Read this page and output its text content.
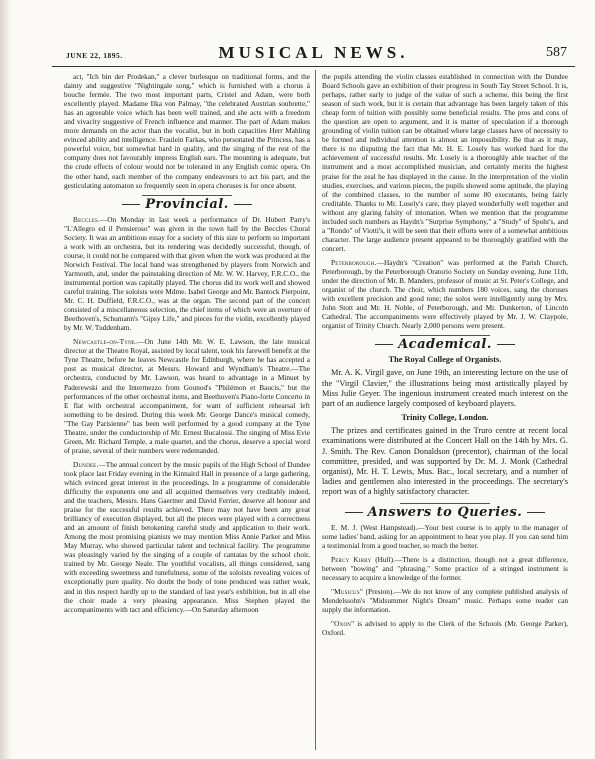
JUNE 22, 1895.	MUSICAL NEWS.	587

act, "Ich bin der Prodekan," a clever burlesque on traditional forms, and the dainty and suggestive "Nightingale song," which is furnished with a chorus à bouche fermée. The two most important parts, Cristel and Adam, were both excellently played. Madame Ilka von Palmay, "the celebrated Austrian soubrette," has an agreeable voice which has been well trained, and she acts with a freedom and vivacity suggestive of French influence and manner. The part of Adam makes more demands on the actor than the vocalist, but in both capacities Herr Mahling evinced ability and intelligence. Fraulein Farkas, who personated the Princess, has a powerful voice, but somewhat hard in quality, and the singing of the rest of the company does not favourably impress English ears. The mounting is adequate, but the crude effects of colour would not be tolerated in any English comic opera. On the other hand, each member of the company endeavours to act his part, and the gesticulating automaton so frequently seen in opera choruses is for once absent.

Provincial.

Beccles.—On Monday in last week a performance of Dr. Hubert Parry's "L'Allegro ed il Pensieroso" was given in the town hall by the Beccles Choral Society. It was an ambitious essay for a society of this size to perform so important a work with an orchestra, but its rendering was decidedly successful, though, of course, it could not be compared with that given when the work was produced at the Norwich Festival. The local band was strengthened by players from Norwich and Yarmouth, and, under the painstaking direction of Mr. W. W. Harvey, F.R.C.O., the instrumental portion was capitally played. The chorus did its work well and showed careful training. The soloists were Mdme. Isabel George and Mr. Bantock Pierpoint, Mr. C. H. Duffield, F.R.C.O., was at the organ. The second part of the concert consisted of a miscellaneous selection, the chief items of which were an overture of Beethoven's, Schumann's "Gipsy Life," and pieces for the violin, excellently played by Mr. W. Tuddenham.

Newcastle-on-Tyne.—On June 14th Mr. W. E. Lawson, the late musical director at the Theatre Royal, assisted by local talent, took his farewell benefit at the Tyne Theatre, before he leaves Newcastle for Edinburgh, where he has accepted a post as musical director, at Messrs. Howard and Wyndham's Theatre.—The orchestra, conducted by Mr. Lawson, was heard to advantage in a Minuet by Paderewski and the Intermezzo from Gounod's "Philémon et Baucis," but the performances of the other orchestral items, and Beethoven's Piano-forte Concerto in E flat with orchestral accompaniment, for want of sufficient rehearsal left something to be desired. During this week Mr. George Dance's musical comedy, "The Gay Parisienne" has been well performed by a good company at the Tyne Theatre, under the conductorship of Mr. Ernest Bucalossi. The singing of Miss Evie Green, Mr. Richard Temple, a male quartet, and the chorus, deserve a special word of praise, several of their numbers were redemanded.

Dundee.—The annual concert by the music pupils of the High School of Dundee took place last Friday evening in the Kinnaird Hall in presence of a large gathering, which evinced great interest in the proceedings. In a programme of considerable difficulty the exponents one and all acquitted themselves very creditably indeed, and the teachers, Messrs. Hans Gaertner and David Ferrier, deserve all honour and praise for the successful results achieved. There may not have been any great brilliancy of execution displayed, but all the pieces were played with a correctness and an amount of finish betokening careful study and application to their work. Among the most promising pianists we may mention Miss Annie Parker and Miss May Murray, who showed particular talent and technical facility. The programme was pleasingly varied by the singing of a couple of cantatas by the school choir, trained by Mr. George Neale. The youthful vocalists, all things considered, sang with exceeding sweetness and tunefulness, some of the soloists revealing voices of exceptionally pure quality. No doubt the body of tone produced was rather weak, and in this respect hardly up to the standard of last year's exhibition, but in all else the choir made a very pleasing appearance. Miss Stephen played the accompaniments with tact and efficiency.—On Saturday afternoon

the pupils attending the violin classes established in connection with the Dundee Board Schools gave an exhibition of their progress in South Tay Street School. It is, perhaps, rather early to judge of the value of such a scheme, this being the first season of such work, but it is certain that advantage has been largely taken of this cheap form of tuition with possibly some beneficial results. The pros and cons of the question are open to argument, and it is matter of speculation if a thorough grounding of violin tuition can be obtained where large classes have of necessity to be formed and individual attention is almost an impossibility. Be that as it may, there is no disputing the fact that Mr. H. E. Losely has worked hard for the achievement of successful results. Mr. Losely is a thoroughly able teacher of the instrument and a most accomplished musician, and certainly merits the highest praise for the zeal he has displayed in the cause. In the interpretation of the violin studies, exercises, and various pieces, the pupils showed some aptitude, the playing of the combined classes, to the number of some 80 executants, being fairly creditable. Thanks to Mr. Losely's care, they played wonderfully well together and without any glaring falsity of intonation. When we mention that the programme included such numbers as Haydn's "Surprise Symphony," a "Study" of Spohr's, and a "Rondo" of Viotti's, it will be seen that their efforts were of a somewhat ambitious character. The large audience present appeared to be thoroughly gratified with the concert.

Peterborough.—Haydn's "Creation" was performed at the Parish Church, Peterborough, by the Peterborough Oratorio Society on Sunday evening, June 11th, under the direction of Mr. B. Manders, professor of music at St. Peter's College, and organist of the church. The choir, which numbers 180 voices, sang the choruses with excellent precision and good tone; the solos were intelligently sung by Mrs. John Stott and Mr. H. Noble, of Peterborough, and Mr. Dunkerton, of Lincoln Cathedral. The accompaniments were effectively played by Mr. J. W. Claypole, organist of Trinity Church. Nearly 2,000 persons were present.

Academical.
The Royal College of Organists.

Mr. A. K. Virgil gave, on June 19th, an interesting lecture on the use of the "Virgil Clavier," the illustrations being most artistically played by Miss Julie Geyer. The ingenious instrument created much interest on the part of an audience largely composed of keyboard players.

Trinity College, London.

The prizes and certificates gained in the Truro centre at recent local examinations were distributed at the Concert Hall on the 14th by Mrs. G. J. Smith. The Rev. Canon Donaldson (precentor), chairman of the local committee, presided, and was supported by Dr. M. J. Monk (Cathedral organist), Mr. H. T. Lewis, Mus. Bac., local secretary, and a number of ladies and gentlemen also interested in the proceedings. The secretary's report was of a highly satisfactory character.

Answers to Queries.

E. M. J. (West Hampstead).—Your best course is to apply to the manager of some ladies' band, asking for an appointment to hear you play. If you can send him a testimonial from a good teacher, so much the better.

Percy Kirby (Hull).—There is a distinction, though not a great difference, between "bowing" and "phrasing." Some practice of a stringed instrument is necessary to acquire a knowledge of the former.

"Musicus" (Preston).—We do not know of any complete published analysis of Mendelssohn's "Midsummer Night's Dream" music. Perhaps some reader can supply the information.

"Oxon" is advised to apply to the Clerk of the Schools (Mr. George Parker), Oxford.
